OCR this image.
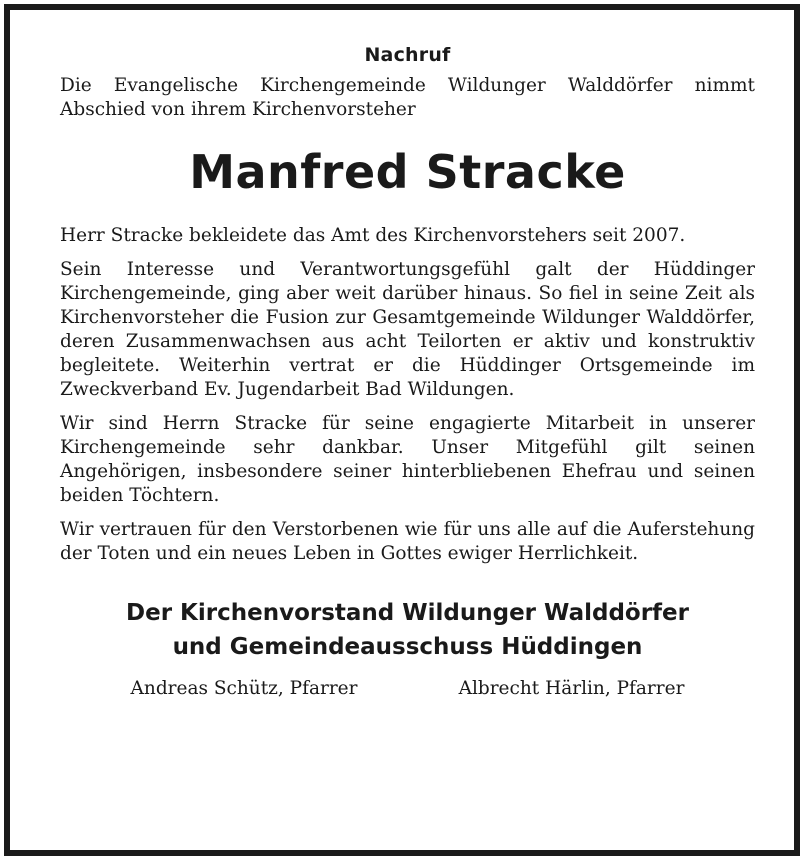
Nachruf

Die Evangelische Kirchengemeinde Wildunger Walddörfer nimmt Abschied von ihrem Kirchenvorsteher

Manfred Stracke

Herr Stracke bekleidete das Amt des Kirchenvorstehers seit 2007.

Sein Interesse und Verantwortungsgefühl galt der Hüddinger Kirchengemeinde, ging aber weit darüber hinaus. So fiel in seine Zeit als Kirchenvorsteher die Fusion zur Gesamtgemeinde Wildunger Walddörfer, deren Zusammenwachsen aus acht Teilorten er aktiv und konstruktiv begleitete. Weiterhin vertrat er die Hüddinger Ortsgemeinde im Zweckverband Ev. Jugendarbeit Bad Wildungen.

Wir sind Herrn Stracke für seine engagierte Mitarbeit in unserer Kirchengemeinde sehr dankbar. Unser Mitgefühl gilt seinen Angehörigen, insbesondere seiner hinterbliebenen Ehefrau und seinen beiden Töchtern.

Wir vertrauen für den Verstorbenen wie für uns alle auf die Auferstehung der Toten und ein neues Leben in Gottes ewiger Herrlichkeit.

Der Kirchenvorstand Wildunger Walddörfer
und Gemeindeausschuss Hüddingen
Andreas Schütz, Pfarrer	Albrecht Härlin, Pfarrer
